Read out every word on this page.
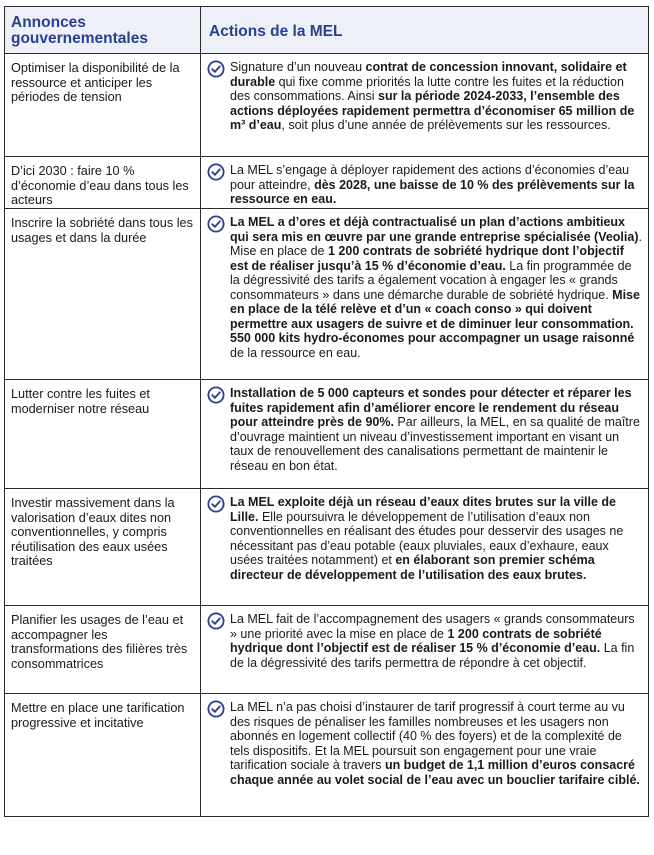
Annonces gouvernementales	Actions de la MEL
Optimiser la disponibilité de la ressource et anticiper les périodes de tension
Signature d’un nouveau contrat de concession innovant, solidaire et durable qui fixe comme priorités la lutte contre les fuites et la réduction des consommations. Ainsi sur la période 2024-2033, l’ensemble des actions déployées rapidement permettra d’économiser 65 million de m³ d’eau, soit plus d’une année de prélèvements sur les ressources.
D’ici 2030 : faire 10 % d’économie d’eau dans tous les acteurs
La MEL s’engage à déployer rapidement des actions d’économies d’eau pour atteindre, dès 2028, une baisse de 10 % des prélèvements sur la ressource en eau.
Inscrire la sobriété dans tous les usages et dans la durée
La MEL a d’ores et déjà contractualisé un plan d’actions ambitieux qui sera mis en œuvre par une grande entreprise spécialisée (Veolia). Mise en place de 1 200 contrats de sobriété hydrique dont l’objectif est de réaliser jusqu’à 15 % d’économie d’eau. La fin programmée de la dégressivité des tarifs a également vocation à engager les « grands consommateurs » dans une démarche durable de sobriété hydrique. Mise en place de la télé relève et d’un « coach conso » qui doivent permettre aux usagers de suivre et de diminuer leur consommation. 550 000 kits hydro-économes pour accompagner un usage raisonné de la ressource en eau.
Lutter contre les fuites et moderniser notre réseau
Installation de 5 000 capteurs et sondes pour détecter et réparer les fuites rapidement afin d’améliorer encore le rendement du réseau pour atteindre près de 90%. Par ailleurs, la MEL, en sa qualité de maître d’ouvrage maintient un niveau d’investissement important en visant un taux de renouvellement des canalisations permettant de maintenir le réseau en bon état.
Investir massivement dans la valorisation d’eaux dites non conventionnelles, y compris réutilisation des eaux usées traitées
La MEL exploite déjà un réseau d’eaux dites brutes sur la ville de Lille. Elle poursuivra le développement de l’utilisation d’eaux non conventionnelles en réalisant des études pour desservir des usages ne nécessitant pas d’eau potable (eaux pluviales, eaux d’exhaure, eaux usées traitées notamment) et en élaborant son premier schéma directeur de développement de l’utilisation des eaux brutes.
Planifier les usages de l’eau et accompagner les transformations des filières très consommatrices
La MEL fait de l’accompagnement des usagers « grands consommateurs » une priorité avec la mise en place de 1 200 contrats de sobriété hydrique dont l’objectif est de réaliser 15 % d’économie d’eau. La fin de la dégressivité des tarifs permettra de répondre à cet objectif.
Mettre en place une tarification progressive et incitative
La MEL n’a pas choisi d’instaurer de tarif progressif à court terme au vu des risques de pénaliser les familles nombreuses et les usagers non abonnés en logement collectif (40 % des foyers) et de la complexité de tels dispositifs. Et la MEL poursuit son engagement pour une vraie tarification sociale à travers un budget de 1,1 million d’euros consacré chaque année au volet social de l’eau avec un bouclier tarifaire ciblé.
